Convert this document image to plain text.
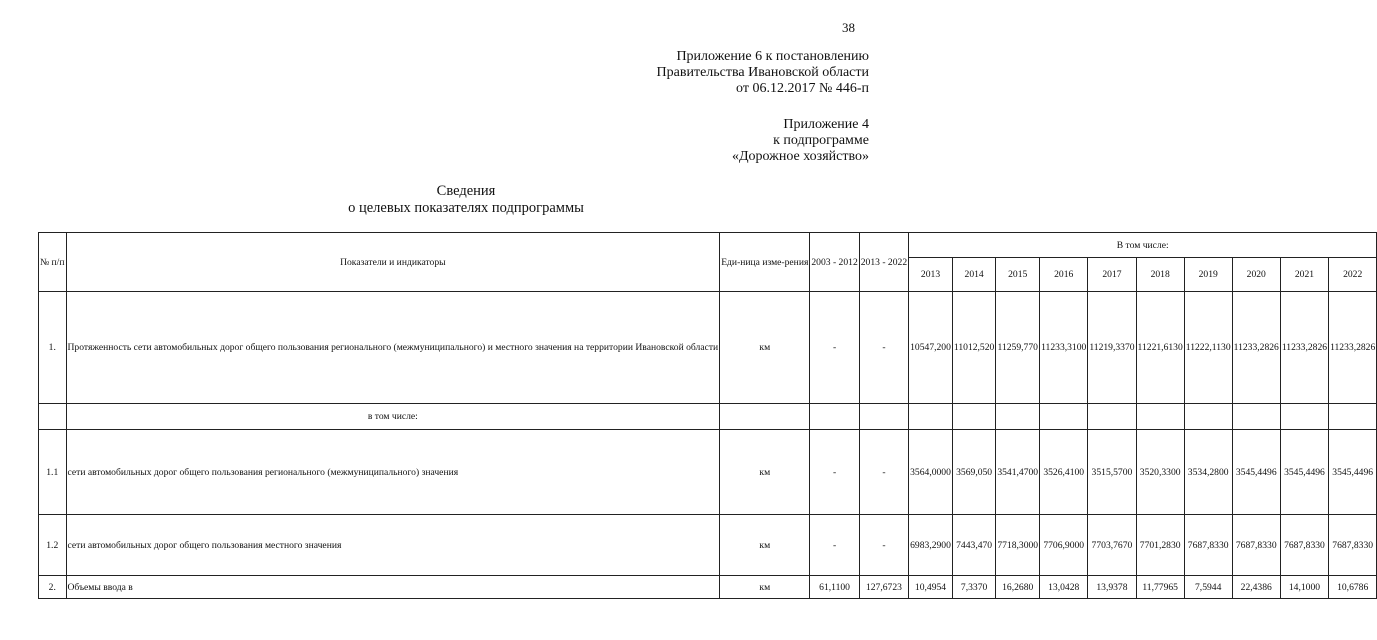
38
Приложение 6 к постановлению
Правительства Ивановской области
от 06.12.2017 № 446-п
Приложение 4
к подпрограмме
«Дорожное хозяйство»
Сведения
о целевых показателях подпрограммы
№ п/п	Показатели и индикаторы	Еди-ница изме-рения	2003 - 2012	2013 - 2022	В том числе:									
					2013	2014	2015	2016	2017	2018	2019	2020	2021	2022
1.	Протяженность сети автомобильных дорог общего пользования регионального (межмуниципального) и местного значения на территории Ивановской области	км	-	-	10547,200	11012,520	11259,770	11233,3100	11219,3370	11221,6130	11222,1130	11233,2826	11233,2826	11233,2826
	в том числе:													
1.1	сети автомобильных дорог общего пользования регионального (межмуниципального) значения	км	-	-	3564,0000	3569,050	3541,4700	3526,4100	3515,5700	3520,3300	3534,2800	3545,4496	3545,4496	3545,4496
1.2	сети автомобильных дорог общего пользования местного значения	км	-	-	6983,2900	7443,470	7718,3000	7706,9000	7703,7670	7701,2830	7687,8330	7687,8330	7687,8330	7687,8330
2.	Объемы ввода в	км	61,1100	127,6723	10,4954	7,3370	16,2680	13,0428	13,9378	11,77965	7,5944	22,4386	14,1000	10,6786
